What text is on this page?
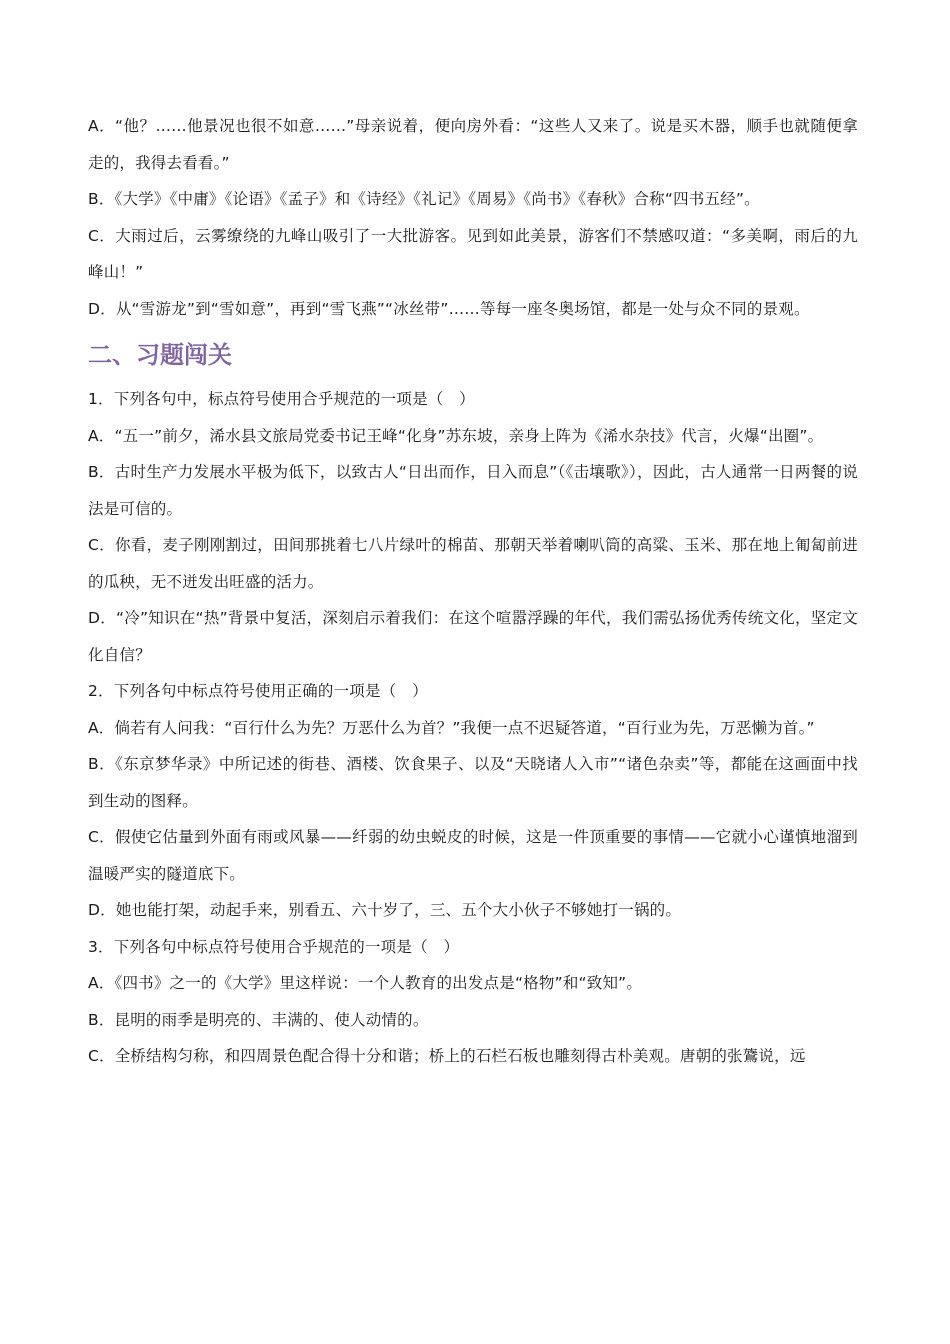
A．“他？……他景况也很不如意……”母亲说着，便向房外看：“这些人又来了。说是买木器，顺手也就随便拿走的，我得去看看。”

B．《大学》《中庸》《论语》《孟子》和《诗经》《礼记》《周易》《尚书》《春秋》合称“四书五经”。

C．大雨过后，云雾缭绕的九峰山吸引了一大批游客。见到如此美景，游客们不禁感叹道：“多美啊，雨后的九峰山！”

D．从“雪游龙”到“雪如意”，再到“雪飞燕”“冰丝带”……等每一座冬奥场馆，都是一处与众不同的景观。

二、习题闯关

1．下列各句中，标点符号使用合乎规范的一项是（　）

A．“五一”前夕，浠水县文旅局党委书记王峰“化身”苏东坡，亲身上阵为《浠水杂技》代言，火爆“出圈”。

B．古时生产力发展水平极为低下，以致古人“日出而作，日入而息”（《击壤歌》），因此，古人通常一日两餐的说法是可信的。

C．你看，麦子刚刚割过，田间那挑着七八片绿叶的棉苗、那朝天举着喇叭筒的高粱、玉米、那在地上匍匐前进的瓜秧，无不迸发出旺盛的活力。

D．“冷”知识在“热”背景中复活，深刻启示着我们：在这个喧嚣浮躁的年代，我们需弘扬优秀传统文化，坚定文化自信？

2．下列各句中标点符号使用正确的一项是（　）

A．倘若有人问我：“百行什么为先？万恶什么为首？”我便一点不迟疑答道，“百行业为先，万恶懒为首。”

B．《东京梦华录》中所记述的街巷、酒楼、饮食果子、以及“天晓诸人入市”“诸色杂卖”等，都能在这画面中找到生动的图释。

C．假使它估量到外面有雨或风暴——纤弱的幼虫蜕皮的时候，这是一件顶重要的事情——它就小心谨慎地溜到温暖严实的隧道底下。

D．她也能打架，动起手来，别看五、六十岁了，三、五个大小伙子不够她打一锅的。

3．下列各句中标点符号使用合乎规范的一项是（　）

A．《四书》之一的《大学》里这样说：一个人教育的出发点是“格物”和“致知”。

B．昆明的雨季是明亮的、丰满的、使人动情的。

C．全桥结构匀称，和四周景色配合得十分和谐；桥上的石栏石板也雕刻得古朴美观。唐朝的张鷟说，远
